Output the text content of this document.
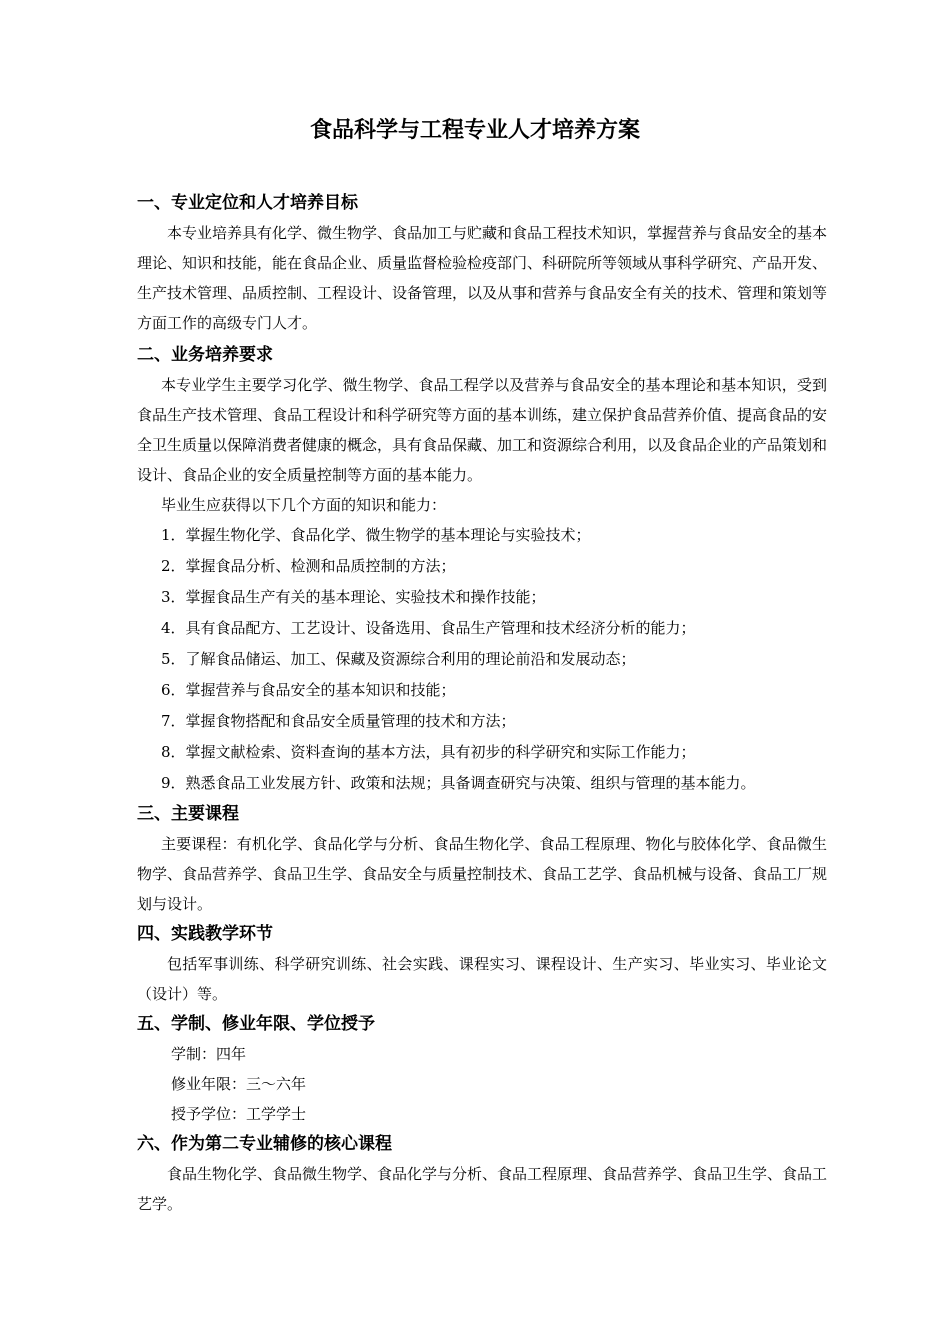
食品科学与工程专业人才培养方案
一、专业定位和人才培养目标
本专业培养具有化学、微生物学、食品加工与贮藏和食品工程技术知识，掌握营养与食品安全的基本理论、知识和技能，能在食品企业、质量监督检验检疫部门、科研院所等领域从事科学研究、产品开发、生产技术管理、品质控制、工程设计、设备管理，以及从事和营养与食品安全有关的技术、管理和策划等方面工作的高级专门人才。
二、业务培养要求
本专业学生主要学习化学、微生物学、食品工程学以及营养与食品安全的基本理论和基本知识，受到食品生产技术管理、食品工程设计和科学研究等方面的基本训练，建立保护食品营养价值、提高食品的安全卫生质量以保障消费者健康的概念，具有食品保藏、加工和资源综合利用，以及食品企业的产品策划和设计、食品企业的安全质量控制等方面的基本能力。
毕业生应获得以下几个方面的知识和能力：
1．掌握生物化学、食品化学、微生物学的基本理论与实验技术；
2．掌握食品分析、检测和品质控制的方法；
3．掌握食品生产有关的基本理论、实验技术和操作技能；
4．具有食品配方、工艺设计、设备选用、食品生产管理和技术经济分析的能力；
5．了解食品储运、加工、保藏及资源综合利用的理论前沿和发展动态；
6．掌握营养与食品安全的基本知识和技能；
7．掌握食物搭配和食品安全质量管理的技术和方法；
8．掌握文献检索、资料查询的基本方法，具有初步的科学研究和实际工作能力；
9．熟悉食品工业发展方针、政策和法规；具备调查研究与决策、组织与管理的基本能力。
三、主要课程
主要课程：有机化学、食品化学与分析、食品生物化学、食品工程原理、物化与胶体化学、食品微生物学、食品营养学、食品卫生学、食品安全与质量控制技术、食品工艺学、食品机械与设备、食品工厂规划与设计。
四、实践教学环节
包括军事训练、科学研究训练、社会实践、课程实习、课程设计、生产实习、毕业实习、毕业论文（设计）等。
五、学制、修业年限、学位授予
学制：四年
修业年限：三～六年
授予学位：工学学士
六、作为第二专业辅修的核心课程
食品生物化学、食品微生物学、食品化学与分析、食品工程原理、食品营养学、食品卫生学、食品工艺学。
